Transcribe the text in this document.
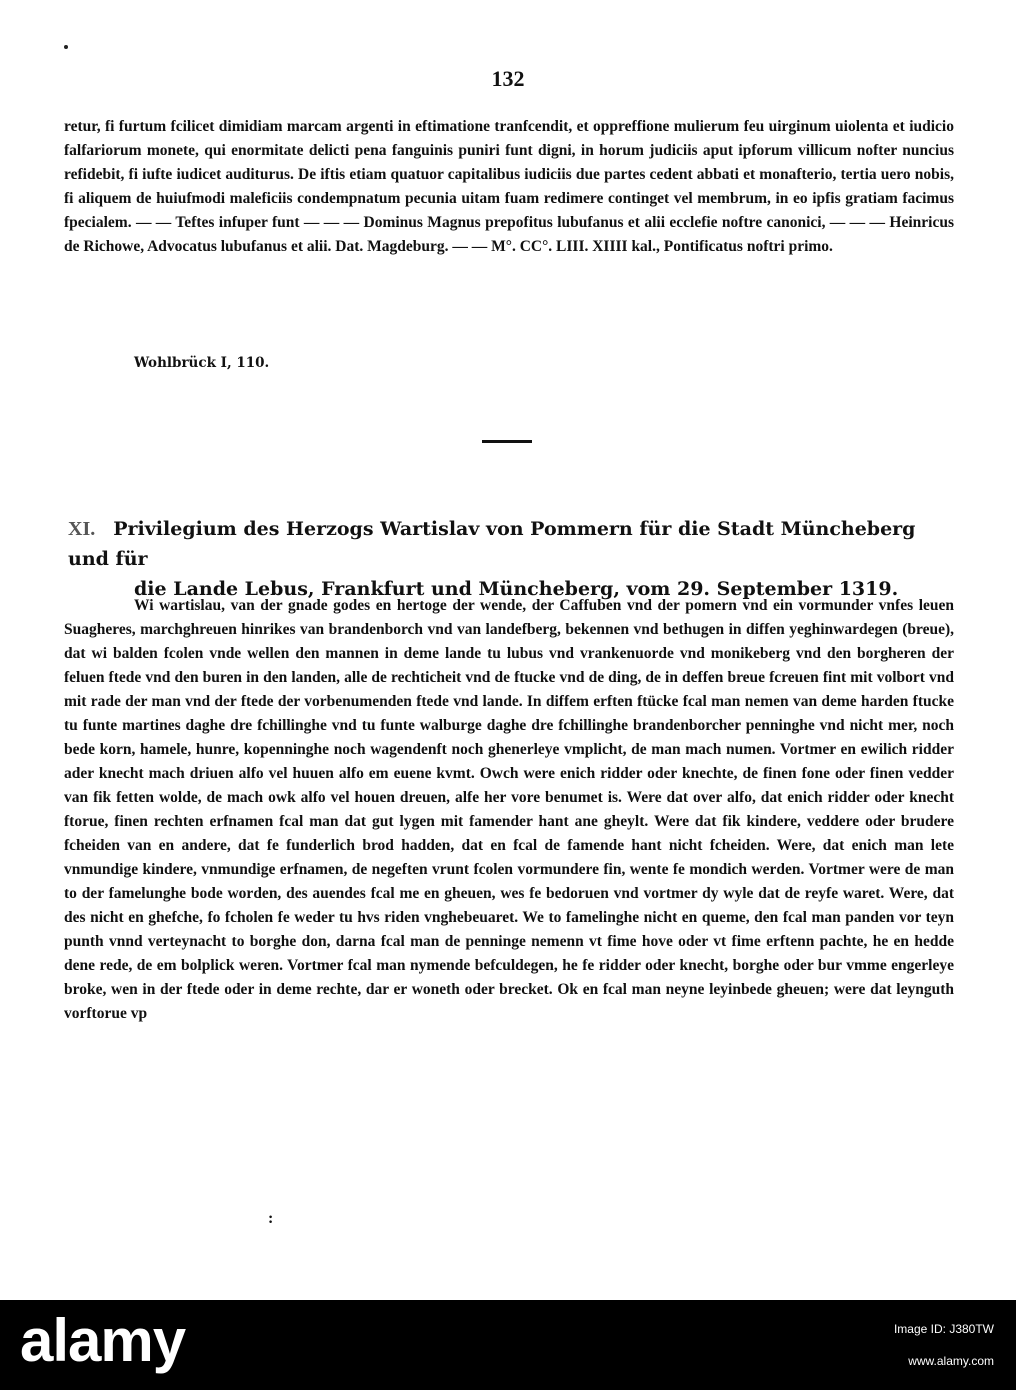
132

retur, fi furtum fcilicet dimidiam marcam argenti in eftimatione tranfcendit, et oppreffione mulierum feu uirginum uiolenta et iudicio falfariorum monete, qui enormitate delicti pena fanguinis puniri funt digni, in horum judiciis aput ipforum villicum nofter nuncius refidebit, fi iufte iudicet auditurus. De iftis etiam quatuor capitalibus iudiciis due partes cedent abbati et monafterio, tertia uero nobis, fi aliquem de huiufmodi maleficiis condempnatum pecunia uitam fuam redimere continget vel membrum, in eo ipfis gratiam facimus fpecialem. — — Teftes infuper funt — — — Dominus Magnus prepofitus lubufanus et alii ecclefie noftre canonici, — — — Heinricus de Richowe, Advocatus lubufanus et alii. Dat. Magdeburg. — — M°. CC°. LIII. XIIII kal., Pontificatus noftri primo.

Wohlbrück I, 110.
XI. Privilegium des Herzogs Wartislav von Pommern für die Stadt Müncheberg und für
die Lande Lebus, Frankfurt und Müncheberg, vom 29. September 1319.

Wi wartislau, van der gnade godes en hertoge der wende, der Caffuben vnd der pomern vnd ein vormunder vnfes leuen Suagheres, marchghreuen hinrikes van brandenborch vnd van landefberg, bekennen vnd bethugen in diffen yeghinwardegen (breue), dat wi balden fcolen vnde wellen den mannen in deme lande tu lubus vnd vrankenuorde vnd monikeberg vnd den borgheren der feluen ftede vnd den buren in den landen, alle de rechticheit vnd de ftucke vnd de ding, de in deffen breue fcreuen fint mit volbort vnd mit rade der man vnd der ftede der vorbenumenden ftede vnd lande. In diffem erften ftücke fcal man nemen van deme harden ftucke tu funte martines daghe dre fchillinghe vnd tu funte walburge daghe dre fchillinghe brandenborcher penninghe vnd nicht mer, noch bede korn, hamele, hunre, kopenninghe noch wagendenft noch ghenerleye vmplicht, de man mach numen. Vortmer en ewilich ridder ader knecht mach driuen alfo vel huuen alfo em euene kvmt. Owch were enich ridder oder knechte, de finen fone oder finen vedder van fik fetten wolde, de mach owk alfo vel houen dreuen, alfe her vore benumet is. Were dat over alfo, dat enich ridder oder knecht ftorue, finen rechten erfnamen fcal man dat gut lygen mit famender hant ane gheylt. Were dat fik kindere, veddere oder brudere fcheiden van en andere, dat fe funderlich brod hadden, dat en fcal de famende hant nicht fcheiden. Were, dat enich man lete vnmundige kindere, vnmundige erfnamen, de negeften vrunt fcolen vormundere fin, wente fe mondich werden. Vortmer were de man to der famelunghe bode worden, des auendes fcal me en gheuen, wes fe bedoruen vnd vortmer dy wyle dat de reyfe waret. Were, dat des nicht en ghefche, fo fcholen fe weder tu hvs riden vnghebeuaret. We to famelinghe nicht en queme, den fcal man panden vor teyn punth vnnd verteynacht to borghe don, darna fcal man de penninge nemenn vt fime hove oder vt fime erftenn pachte, he en hedde dene rede, de em bolplick weren. Vortmer fcal man nymende befculdegen, he fe ridder oder knecht, borghe oder bur vmme engerleye broke, wen in der ftede oder in deme rechte, dar er woneth oder brecket. Ok en fcal man neyne leyinbede gheuen; were dat leynguth vorftorue vp

:
alamy	Image ID: J380TW
www.alamy.com
